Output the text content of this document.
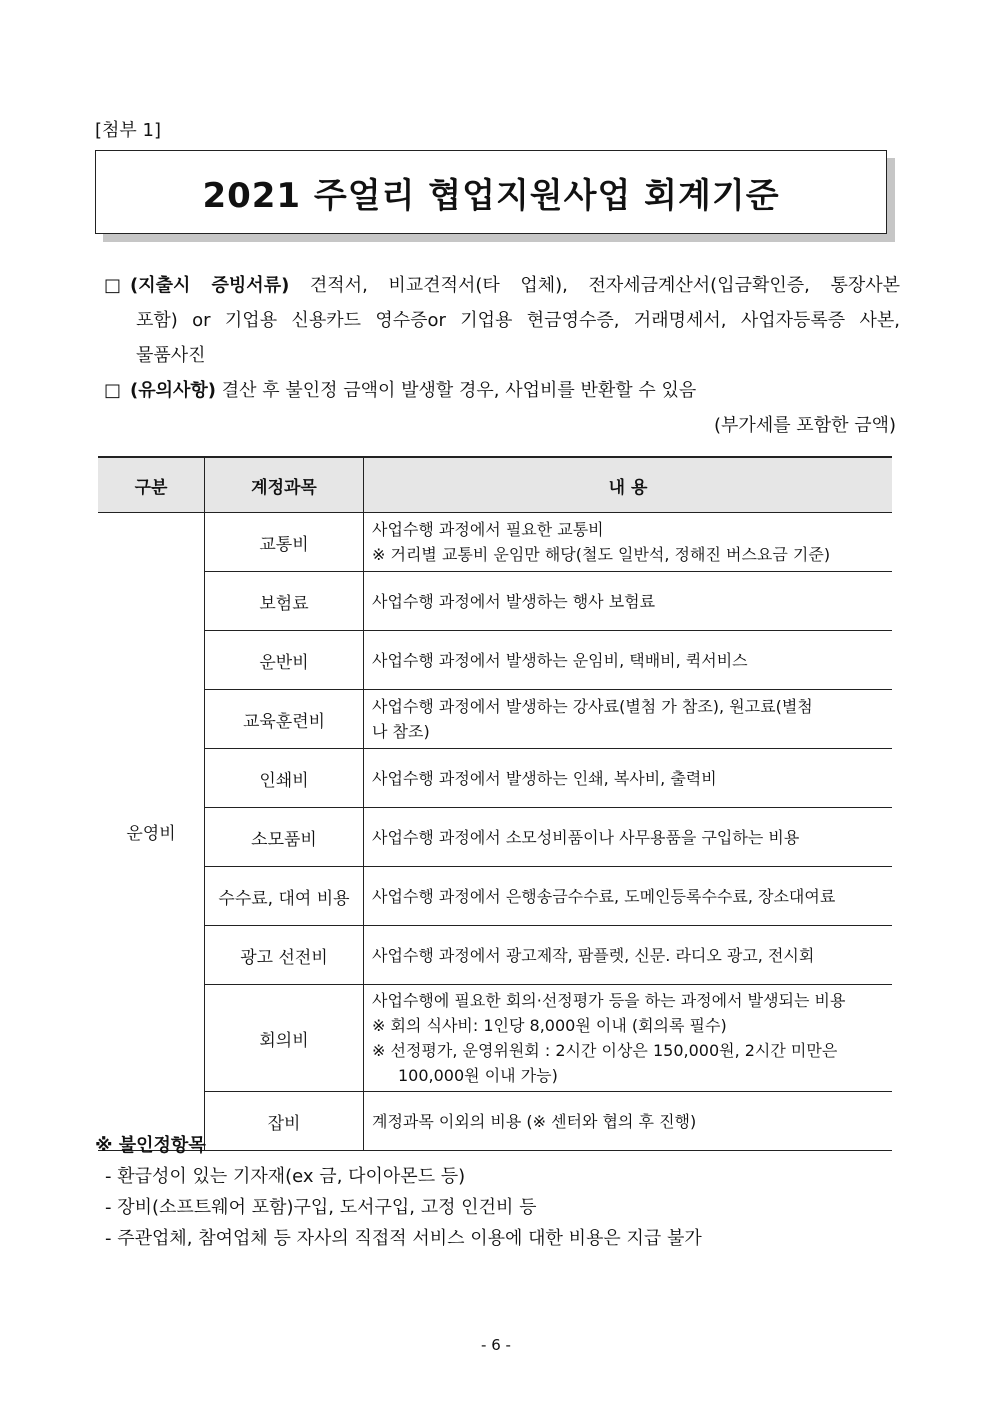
[첨부 1]
2021 주얼리 협업지원사업 회계기준
□ (지출시 증빙서류) 견적서, 비교견적서(타 업체), 전자세금계산서(입금확인증, 통장사본
포함) or 기업용 신용카드 영수증or 기업용 현금영수증, 거래명세서, 사업자등록증 사본,
물품사진
□ (유의사항) 결산 후 불인정 금액이 발생할 경우, 사업비를 반환할 수 있음
(부가세를 포함한 금액)
구분	계정과목	내 용
운영비	교통비	사업수행 과정에서 필요한 교통비
※ 거리별 교통비 운임만 해당(철도 일반석, 정해진 버스요금 기준)

	보험료	사업수행 과정에서 발생하는 행사 보험료

	운반비	사업수행 과정에서 발생하는 운임비, 택배비, 퀵서비스

	교육훈련비	사업수행 과정에서 발생하는 강사료(별첨 가 참조), 원고료(별첨
나 참조)

	인쇄비	사업수행 과정에서 발생하는 인쇄, 복사비, 출력비

	소모품비	사업수행 과정에서 소모성비품이나 사무용품을 구입하는 비용

	수수료, 대여 비용	사업수행 과정에서 은행송금수수료, 도메인등록수수료, 장소대여료

	광고 선전비	사업수행 과정에서 광고제작, 팜플렛, 신문. 라디오 광고, 전시회

	회의비	사업수행에 필요한 회의·선정평가 등을 하는 과정에서 발생되는 비용
※ 회의 식사비: 1인당 8,000원 이내 (회의록 필수)
※ 선정평가, 운영위원회 : 2시간 이상은 150,000원, 2시간 미만은
100,000원 이내 가능)

	잡비	계정과목 이외의 비용 (※ 센터와 협의 후 진행)
※ 불인정항목
- 환급성이 있는 기자재(ex 금, 다이아몬드 등)
- 장비(소프트웨어 포함)구입, 도서구입, 고정 인건비 등
- 주관업체, 참여업체 등 자사의 직접적 서비스 이용에 대한 비용은 지급 불가
- 6 -
